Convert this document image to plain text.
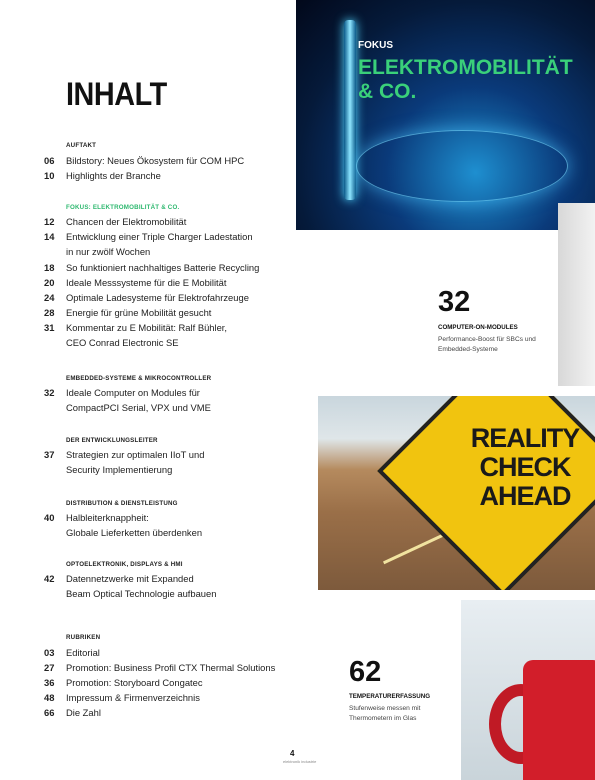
INHALT
AUFTAKT
06 Bildstory: Neues Ökosystem für COM HPC
10 Highlights der Branche
FOKUS: ELEKTROMOBILITÄT & CO.
12 Chancen der Elektromobilität
14 Entwicklung einer Triple Charger Ladestation
in nur zwölf Wochen
18 So funktioniert nachhaltiges Batterie Recycling
20 Ideale Messsysteme für die E Mobilität
24 Optimale Ladesysteme für Elektrofahrzeuge
28 Energie für grüne Mobilität gesucht
31 Kommentar zu E Mobilität: Ralf Bühler,
CEO Conrad Electronic SE
EMBEDDED-SYSTEME & MIKROCONTROLLER
32 Ideale Computer on Modules für
CompactPCI Serial, VPX und VME
DER ENTWICKLUNGSLEITER
37 Strategien zur optimalen IIoT und
Security Implementierung
DISTRIBUTION & DIENSTLEISTUNG
40 Halbleiterknappheit:
Globale Lieferketten überdenken
OPTOELEKTRONIK, DISPLAYS & HMI
42 Datennetzwerke mit Expanded
Beam Optical Technologie aufbauen
RUBRIKEN
03 Editorial
27 Promotion: Business Profil CTX Thermal Solutions
36 Promotion: Storyboard Congatec
48 Impressum & Firmenverzeichnis
66 Die Zahl
FOKUS
ELEKTROMOBILITÄT & CO.
32
COMPUTER-ON-MODULES
Performance-Boost für SBCs und Embedded-Systeme
REALITY CHECK AHEAD
62
TEMPERATURERFASSUNG
Stufenweise messen mit Thermometern im Glas
4
elektronik industrie
